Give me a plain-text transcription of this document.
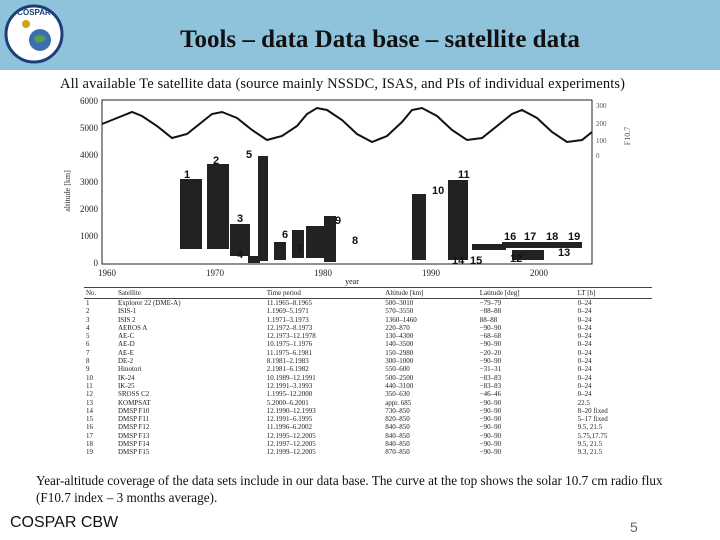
COSPAR
Tools – data Data base – satellite data
All available Te satellite data (source mainly NSSDC, ISAS, and PIs of individual experiments)
altitude [km]
6000
5000
4000
3000
2000
1000
0
300
200
100
0
F10.7
1960	1970	1980	1990	2000
year
1
2
3
4
5
6
7
8
9
10
11
12	13
14 15
16 17 18 19
No.	Satellite	Time period	Altitude [km]	Latitude [deg]	LT [h]
1	Explorer 22 (DME-A)	11.1965–8.1965	500–3010	−79–79	0–24
2	ISIS-1	1.1969–5.1971	570–3550	−88–88	0–24
3	ISIS 2	1.1971–3.1973	1360–1460	88–88	0–24
4	AEROS A	12.1972–8.1973	220–870	−90–90	0–24
5	AE-C	12.1973–12.1978	130–4300	−68–68	0–24
6	AE-D	10.1975–1.1976	140–3500	−90–90	0–24
7	AE-E	11.1975–6.1981	150–2980	−20–20	0–24
8	DE-2	8.1981–2.1983	300–1000	−90–90	0–24
9	Hinotori	2.1981–6.1982	550–600	−31–31	0–24
10	IK-24	10.1989–12.1991	500–2500	−83–83	0–24
11	IK-25	12.1991–3.1993	440–3100	−83–83	0–24
12	SROSS C2	1.1995–12.2000	350–630	−46–46	0–24
13	KOMPSAT	5.2000–6.2001	appr. 685	−90–90	22.5
14	DMSP F10	12.1990–12.1993	730–850	−90–90	8–20 fixed
15	DMSP F11	12.1991–6.1995	820–850	−90–90	5–17 fixed
16	DMSP F12	11.1996–6.2002	840–850	−90–90	9.5, 21.5
17	DMSP F13	12.1995–12.2005	840–850	−90–90	5.75,17.75
18	DMSP F14	12.1997–12.2005	840–850	−90–90	9.5, 21.5
19	DMSP F15	12.1999–12.2005	870–850	−90–90	9.3, 21.5
Year-altitude coverage of the data sets include in our data base. The curve at the top shows the solar 10.7 cm radio flux (F10.7 index – 3 months average).
COSPAR CBW	5
